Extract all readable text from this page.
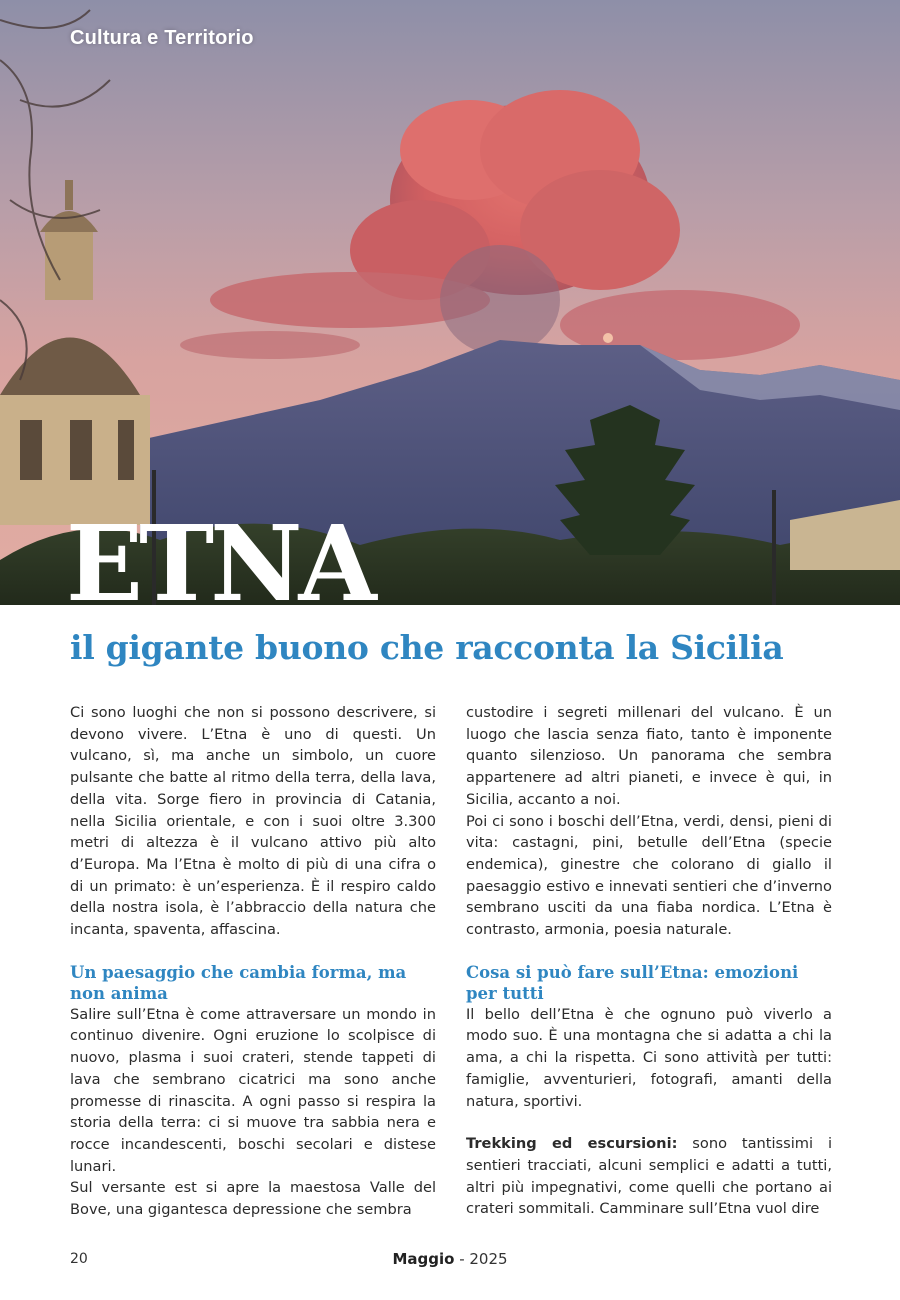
Cultura e Territorio
ETNA
il gigante buono che racconta la Sicilia

Ci sono luoghi che non si possono descrivere, si devono vivere. L’Etna è uno di questi. Un vulcano, sì, ma anche un simbolo, un cuore pulsante che batte al ritmo della terra, della lava, della vita. Sorge fiero in provincia di Catania, nella Sicilia orientale, e con i suoi oltre 3.300 metri di altezza è il vulcano attivo più alto d’Europa. Ma l’Etna è molto di più di una cifra o di un primato: è un’esperienza. È il respiro caldo della nostra isola, è l’abbraccio della natura che incanta, spaventa, affascina.

Un paesaggio che cambia forma, ma non anima

Salire sull’Etna è come attraversare un mondo in continuo divenire. Ogni eruzione lo scolpisce di nuovo, plasma i suoi crateri, stende tappeti di lava che sembrano cicatrici ma sono anche promesse di rinascita. A ogni passo si respira la storia della terra: ci si muove tra sabbia nera e rocce incandescenti, boschi secolari e distese lunari.

Sul versante est si apre la maestosa Valle del Bove, una gigantesca depressione che sembra

custodire i segreti millenari del vulcano. È un luogo che lascia senza fiato, tanto è imponente quanto silenzioso. Un panorama che sembra appartenere ad altri pianeti, e invece è qui, in Sicilia, accanto a noi.

Poi ci sono i boschi dell’Etna, verdi, densi, pieni di vita: castagni, pini, betulle dell’Etna (specie endemica), ginestre che colorano di giallo il paesaggio estivo e innevati sentieri che d’inverno sembrano usciti da una fiaba nordica. L’Etna è contrasto, armonia, poesia naturale.

Cosa si può fare sull’Etna: emozioni per tutti

Il bello dell’Etna è che ognuno può viverlo a modo suo. È una montagna che si adatta a chi la ama, a chi la rispetta. Ci sono attività per tutti: famiglie, avventurieri, fotografi, amanti della natura, sportivi.

Trekking ed escursioni: sono tantissimi i sentieri tracciati, alcuni semplici e adatti a tutti, altri più impegnativi, come quelli che portano ai crateri sommitali. Camminare sull’Etna vuol dire

20	Maggio - 2025
